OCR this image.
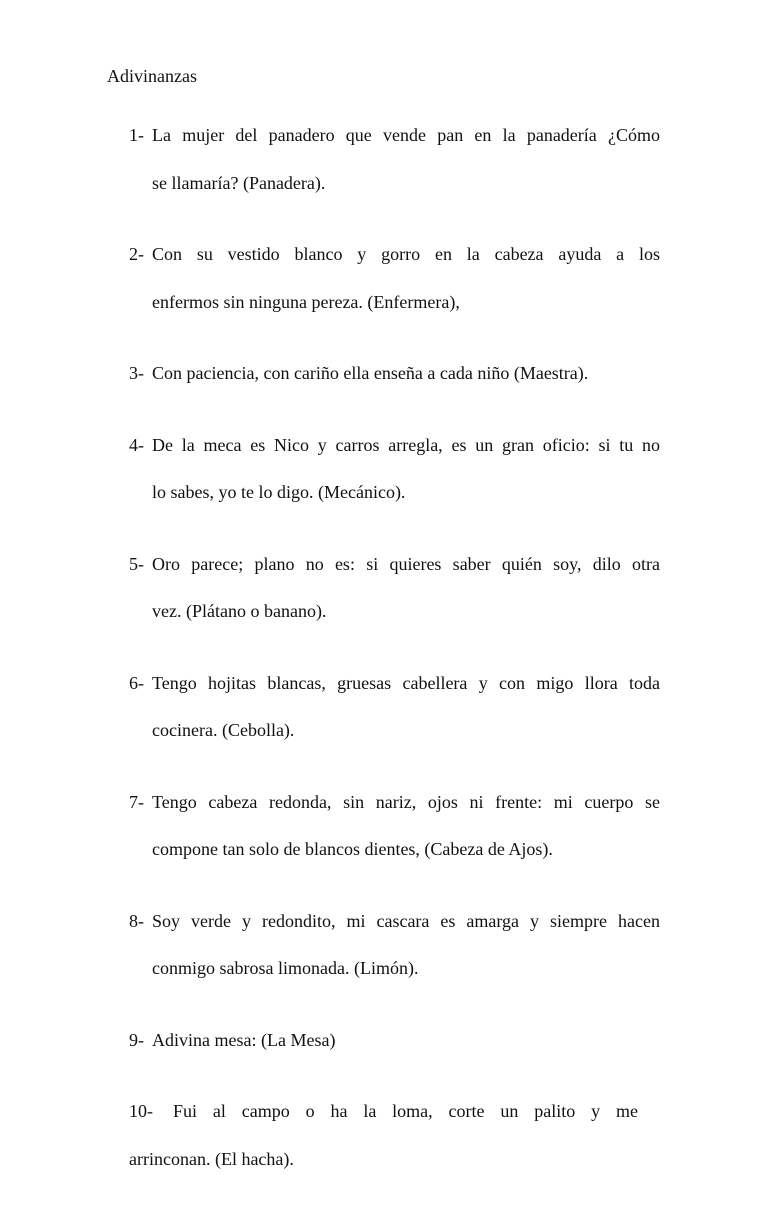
Adivinanzas
1- La mujer del panadero que vende pan en la panadería ¿Cómo
se llamaría? (Panadera).
2- Con su vestido blanco y gorro en la cabeza ayuda a los
enfermos sin ninguna pereza. (Enfermera),
3- Con paciencia, con cariño ella enseña a cada niño (Maestra).
4- De la meca es Nico y carros arregla, es un gran oficio: si tu no
lo sabes, yo te lo digo. (Mecánico).
5- Oro parece; plano no es: si quieres saber quién soy, dilo otra
vez. (Plátano o banano).
6- Tengo hojitas blancas, gruesas cabellera y con migo llora toda
cocinera. (Cebolla).
7- Tengo cabeza redonda, sin nariz, ojos ni frente: mi cuerpo se
compone tan solo de blancos dientes, (Cabeza de Ajos).
8- Soy verde y redondito, mi cascara es amarga y siempre hacen
conmigo sabrosa limonada. (Limón).
9- Adivina mesa: (La Mesa)
10-	Fui al campo o ha la loma, corte un palito y me
arrinconan. (El hacha).
